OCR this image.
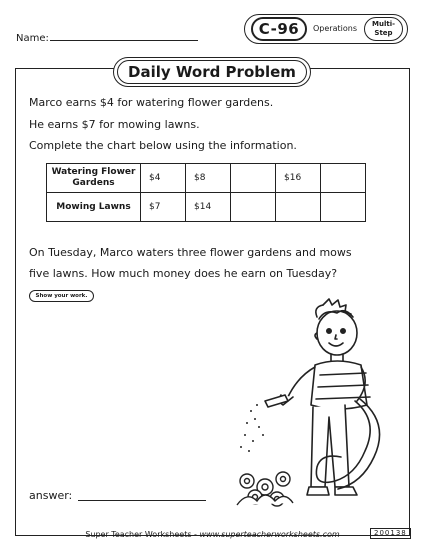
Name:
C-96	Operations Multi-
Step
Daily Word Problem
Marco earns $4 for watering flower gardens.
He earns $7 for mowing lawns.
Complete the chart below using the information.
Watering Flower Gardens	$4	$8		$16	
Mowing Lawns	$7	$14			
On Tuesday, Marco waters three flower gardens and mows
five lawns. How much money does he earn on Tuesday?
Show your work.
answer:
Super Teacher Worksheets - www.superteacherworksheets.com	200138
